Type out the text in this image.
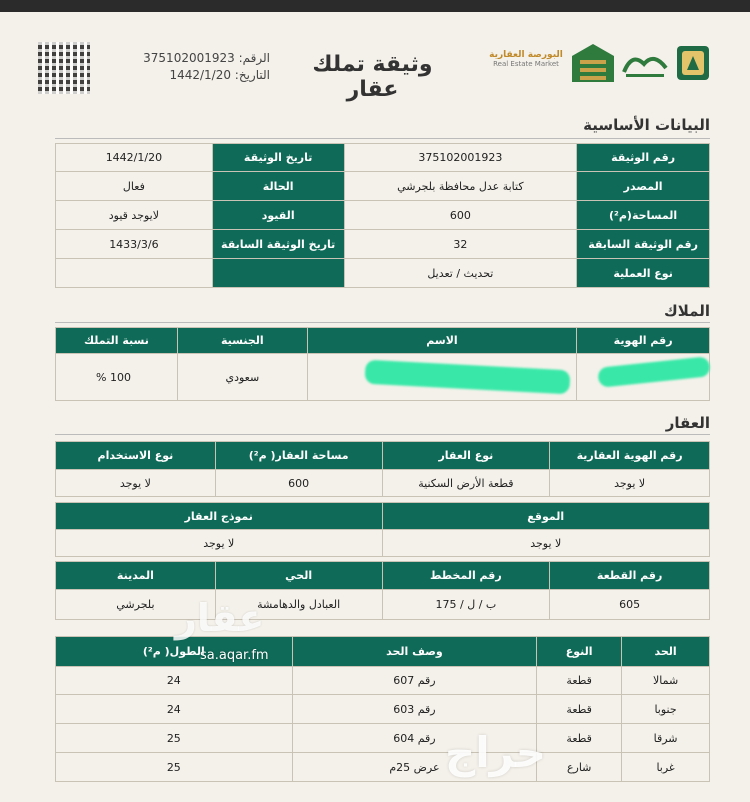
الرقم: 375102001923
التاريخ: 1442/1/20	وثيقة تملك عقار
البورصة العقارية
Real Estate Market
البيانات الأساسية
رقم الوثيقة	375102001923	تاريخ الوثيقة	1442/1/20
المصدر	كتابة عدل محافظة بلجرشي	الحالة	فعال
المساحة(م²)	600	القيود	لايوجد قيود
رقم الوثيقة السابقة	32	تاريخ الوثيقة السابقة	1433/3/6
نوع العملية	تحديث / تعديل		
الملاك
رقم الهوية	الاسم	الجنسية	نسبة التملك
		سعودي	100 %
العقار
رقم الهوية العقارية	نوع العقار	مساحة العقار( م²)	نوع الاستخدام
لا يوجد	قطعة الأرض السكنية	600	لا يوجد
الموقع	نموذج العقار
لا يوجد	لا يوجد
رقم القطعة	رقم المخطط	الحي	المدينة
605	ب / ل / 175	العبادل والدهامشة	بلجرشي
الحد	النوع	وصف الحد	الطول( م²)
شمالا	قطعة	رقم 607	24
جنوبا	قطعة	رقم 603	24
شرقا	قطعة	رقم 604	25
غربا	شارع	عرض 25م	25
عقار
sa.aqar.fm
حراج
